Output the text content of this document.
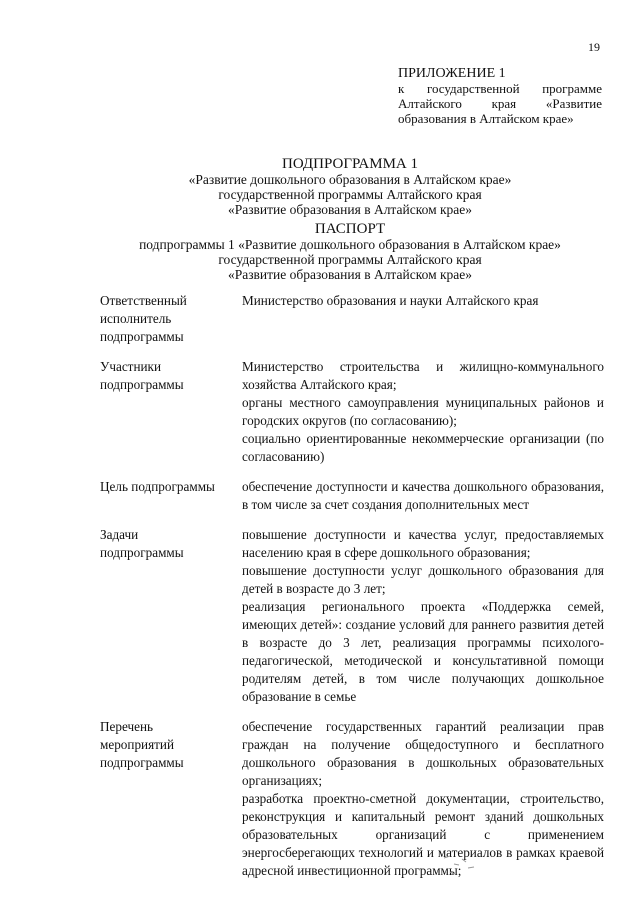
19
ПРИЛОЖЕНИЕ 1
к государственной программе Алтайского края «Развитие образования в Алтайском крае»
ПОДПРОГРАММА 1
«Развитие дошкольного образования в Алтайском крае»
государственной программы Алтайского края
«Развитие образования в Алтайском крае»
ПАСПОРТ
подпрограммы 1 «Развитие дошкольного образования в Алтайском крае»
государственной программы Алтайского края
«Развитие образования в Алтайском крае»
Ответственный исполнитель подпрограммы
Министерство образования и науки Алтайского края
Участники подпрограммы
Министерство строительства и жилищно-коммунального хозяйства Алтайского края;
органы местного самоуправления муниципальных районов и городских округов (по согласованию);
социально ориентированные некоммерческие организации (по согласованию)
Цель подпрограммы	обеспечение доступности и качества дошкольного образования, в том числе за счет создания дополнительных мест
Задачи подпрограммы
повышение доступности и качества услуг, предоставляемых населению края в сфере дошкольного образования;
повышение доступности услуг дошкольного образования для детей в возрасте до 3 лет;
реализация регионального проекта «Поддержка семей, имеющих детей»: создание условий для раннего развития детей в возрасте до 3 лет, реализация программы психолого-педагогической, методической и консультативной помощи родителям детей, в том числе получающих дошкольное образование в семье
Перечень мероприятий подпрограммы
обеспечение государственных гарантий реализации прав граждан на получение общедоступного и бесплатного дошкольного образования в дошкольных образовательных организациях;
разработка проектно-сметной документации, строительство, реконструкция и капитальный ремонт зданий дошкольных образовательных организаций с применением энергосберегающих технологий и материалов в рамках краевой адресной инвестиционной программы;
